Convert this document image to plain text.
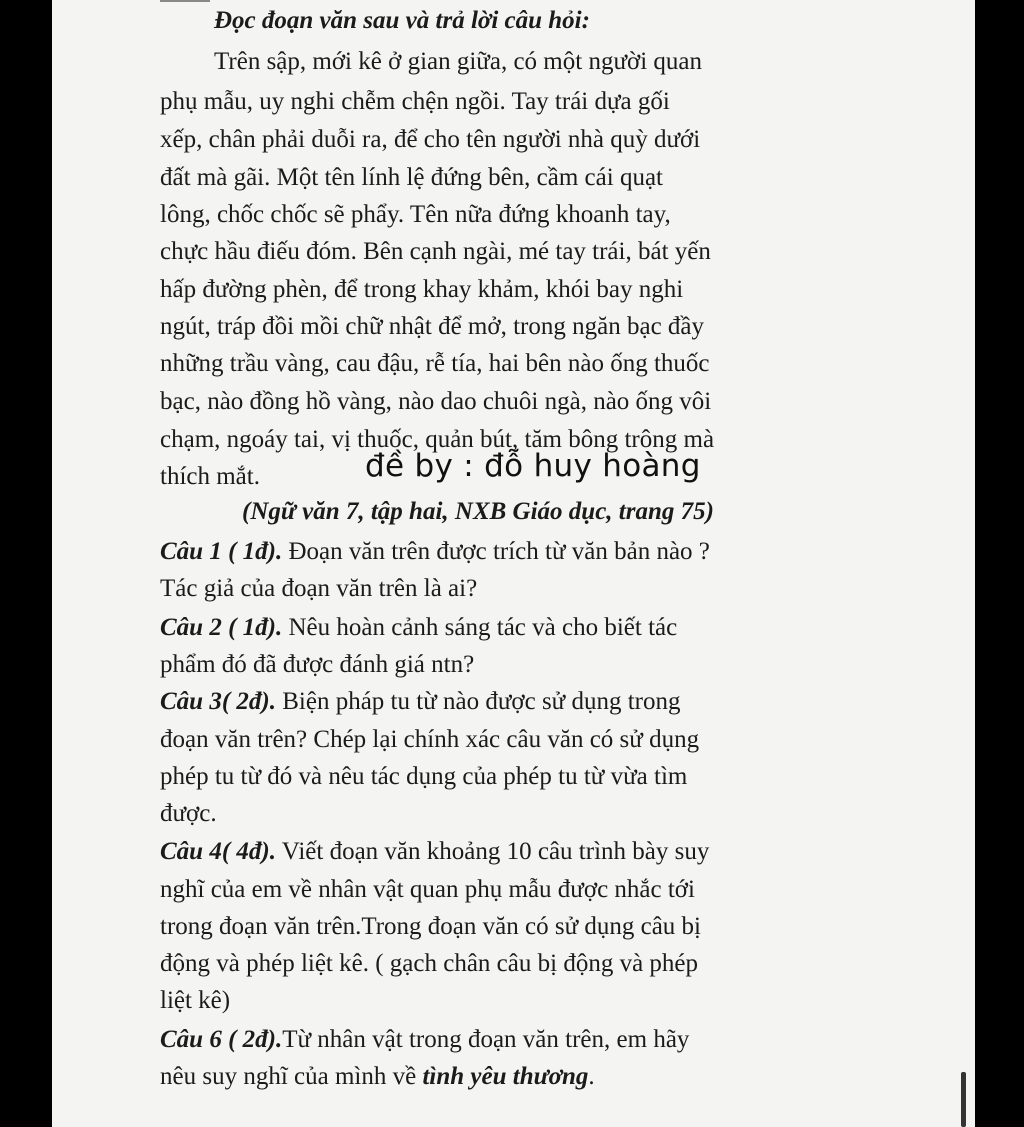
Đọc đoạn văn sau và trả lời câu hỏi:
Trên sập, mới kê ở gian giữa, có một người quan
phụ mẫu, uy nghi chễm chện ngồi. Tay trái dựa gối
xếp, chân phải duỗi ra, để cho tên người nhà quỳ dưới
đất mà gãi. Một tên lính lệ đứng bên, cầm cái quạt
lông, chốc chốc sẽ phẩy. Tên nữa đứng khoanh tay,
chực hầu điếu đóm. Bên cạnh ngài, mé tay trái, bát yến
hấp đường phèn, để trong khay khảm, khói bay nghi
ngút, tráp đồi mồi chữ nhật để mở, trong ngăn bạc đầy
những trầu vàng, cau đậu, rễ tía, hai bên nào ống thuốc
bạc, nào đồng hồ vàng, nào dao chuôi ngà, nào ống vôi
chạm, ngoáy tai, vị thuốc, quản bút, tăm bông trông mà
thích mắt.	đề by : đỗ huy hoàng
(Ngữ văn 7, tập hai, NXB Giáo dục, trang 75)
Câu 1 ( 1đ). Đoạn văn trên được trích từ văn bản nào ?
Tác giả của đoạn văn trên là ai?
Câu 2 ( 1đ). Nêu hoàn cảnh sáng tác và cho biết tác
phẩm đó đã được đánh giá ntn?
Câu 3( 2đ). Biện pháp tu từ nào được sử dụng trong
đoạn văn trên? Chép lại chính xác câu văn có sử dụng
phép tu từ đó và nêu tác dụng của phép tu từ vừa tìm
được.
Câu 4( 4đ). Viết đoạn văn khoảng 10 câu trình bày suy
nghĩ của em về nhân vật quan phụ mẫu được nhắc tới
trong đoạn văn trên.Trong đoạn văn có sử dụng câu bị
động và phép liệt kê. ( gạch chân câu bị động và phép
liệt kê)
Câu 6 ( 2đ).Từ nhân vật trong đoạn văn trên, em hãy
nêu suy nghĩ của mình về tình yêu thương.
